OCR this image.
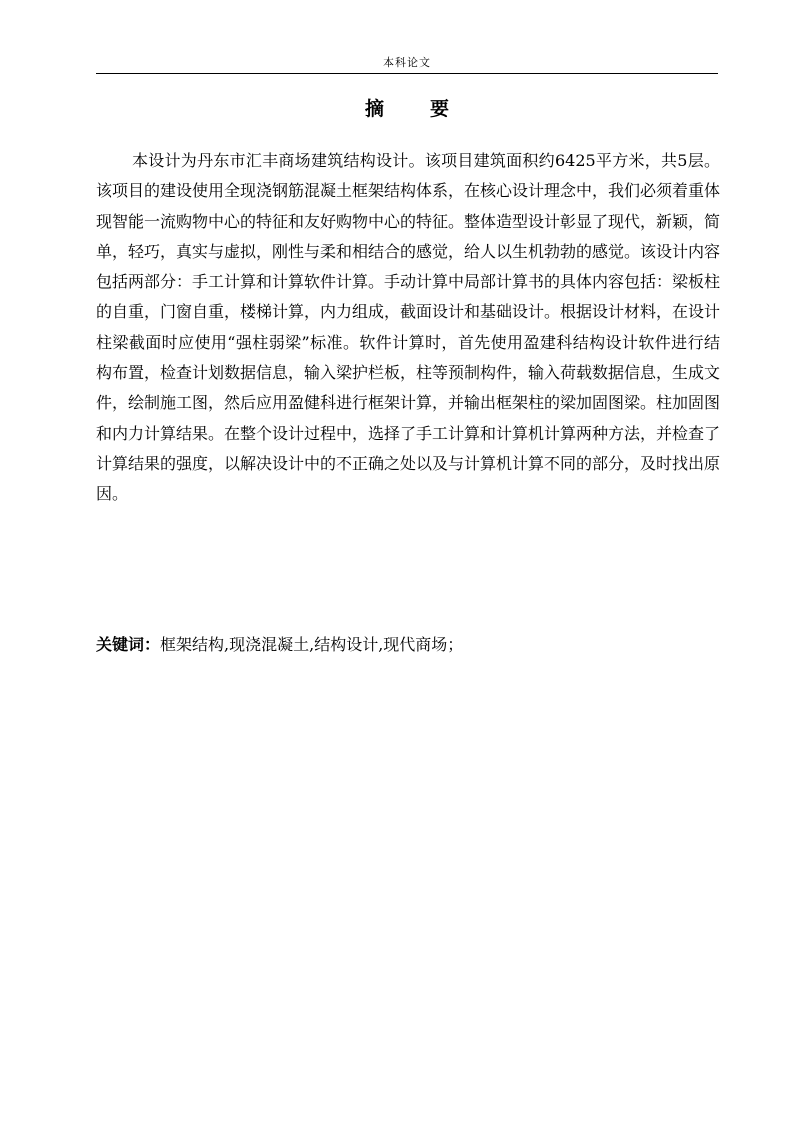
本科论文
摘 要

本设计为丹东市汇丰商场建筑结构设计。该项目建筑面积约6425平方米，共5层。该项目的建设使用全现浇钢筋混凝土框架结构体系，在核心设计理念中，我们必须着重体现智能一流购物中心的特征和友好购物中心的特征。整体造型设计彰显了现代，新颖，简单，轻巧，真实与虚拟，刚性与柔和相结合的感觉，给人以生机勃勃的感觉。该设计内容包括两部分：手工计算和计算软件计算。手动计算中局部计算书的具体内容包括：梁板柱的自重，门窗自重，楼梯计算，内力组成，截面设计和基础设计。根据设计材料，在设计柱梁截面时应使用“强柱弱梁”标准。软件计算时，首先使用盈建科结构设计软件进行结构布置，检查计划数据信息，输入梁护栏板，柱等预制构件，输入荷载数据信息，生成文件，绘制施工图，然后应用盈健科进行框架计算，并输出框架柱的梁加固图梁。柱加固图和内力计算结果。在整个设计过程中，选择了手工计算和计算机计算两种方法，并检查了计算结果的强度，以解决设计中的不正确之处以及与计算机计算不同的部分，及时找出原因。

关键词：框架结构,现浇混凝土,结构设计,现代商场；
